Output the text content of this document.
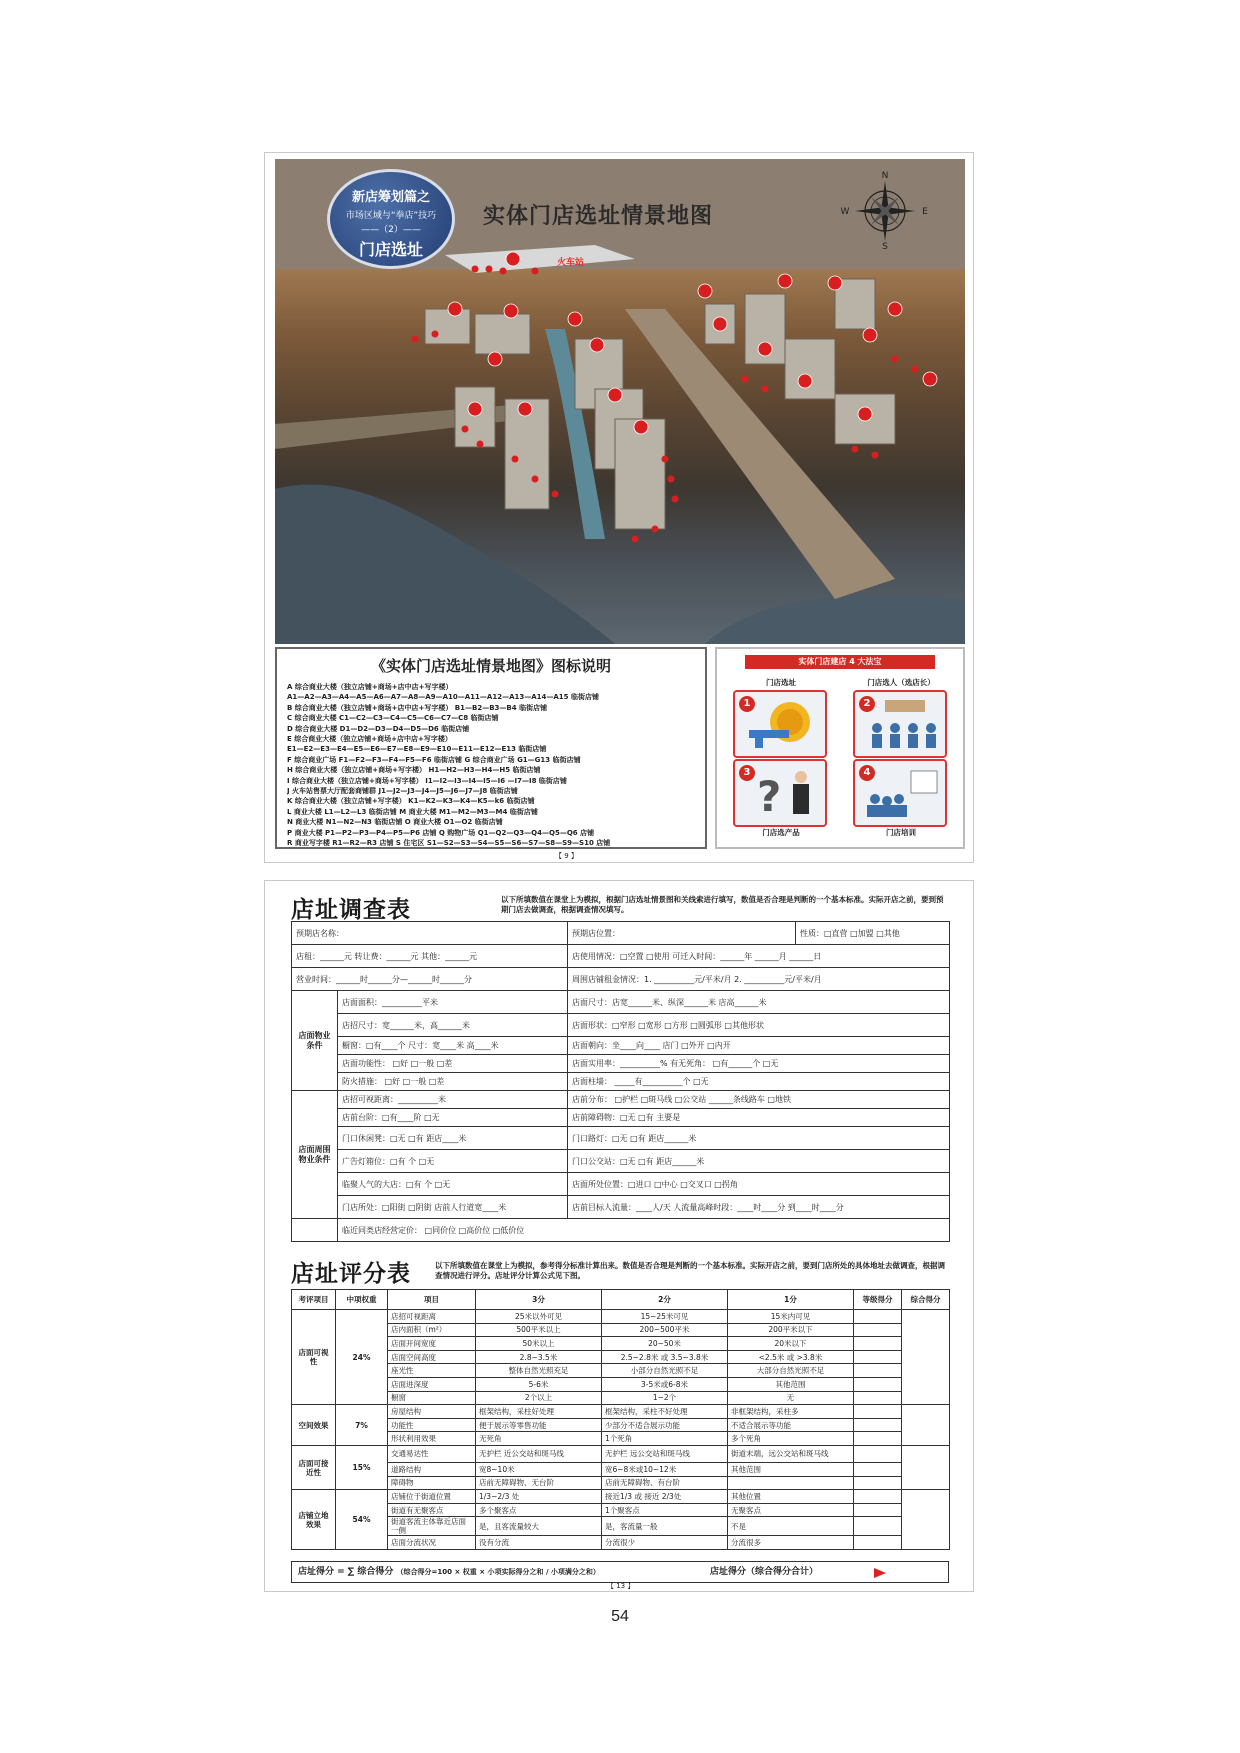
新店筹划篇之
市场区域与“拳店”技巧
——（2）——
门店选址
实体门店选址情景地图
火车站
N
S
E
W
《实体门店选址情景地图》图标说明
A 综合商业大楼（独立店铺+商场+店中店+写字楼）
A1—A2—A3—A4—A5—A6—A7—A8—A9—A10—A11—A12—A13—A14—A15 临街店铺
B 综合商业大楼（独立店铺+商场+店中店+写字楼） B1—B2—B3—B4 临街店铺
C 综合商业大楼 C1—C2—C3—C4—C5—C6—C7—C8 临街店铺
D 综合商业大楼 D1—D2—D3—D4—D5—D6 临街店铺
E 综合商业大楼（独立店铺+商场+店中店+写字楼）
E1—E2—E3—E4—E5—E6—E7—E8—E9—E10—E11—E12—E13 临街店铺
F 综合商业广场 F1—F2—F3—F4—F5—F6 临街店铺 G 综合商业广场 G1—G13 临街店铺
H 综合商业大楼（独立店铺+商场+写字楼） H1—H2—H3—H4—H5 临街店铺
I 综合商业大楼（独立店铺+商场+写字楼） I1—I2—I3—I4—I5—I6 —I7—I8 临街店铺
J 火车站售票大厅配套商铺群 J1—J2—J3—J4—J5—J6—J7—J8 临街店铺
K 综合商业大楼（独立店铺+写字楼） K1—K2—K3—K4—K5—k6 临街店铺
L 商业大楼 L1—L2—L3 临街店铺 M 商业大楼 M1—M2—M3—M4 临街店铺
N 商业大楼 N1—N2—N3 临街店铺 O 商业大楼 O1—O2 临街店铺
P 商业大楼 P1—P2—P3—P4—P5—P6 店铺 Q 购物广场 Q1—Q2—Q3—Q4—Q5—Q6 店铺
R 商业写字楼 R1—R2—R3 店铺 S 住宅区 S1—S2—S3—S4—S5—S6—S7—S8—S9—S10 店铺
【 9 】
实体门店建店 4 大法宝
门店选址
1
门店选人（选店长）
2
3 ?
门店选产品
4
门店培训
店址调查表	以下所填数值在课堂上为模拟，根据门店选址情景图和关线索进行填写，数值是否合理是判断的一个基本标准。实际开店之前，要到预期门店去做调查，根据调查情况填写。
预期店名称：		预期店位置：	性质：□直营 □加盟 □其他
店租：______元 转让费：______元 其他：______元		店使用情况：□空置 □使用 可迁入时间：______年 ______月 ______日	
营业时间：______时______分—______时______分		周围店铺租金情况：1. __________元/平米/月 2. __________元/平米/月	
店面物业条件	店面面积：__________平米	店面尺寸：店宽______米、纵深______米 店高______米	
	店招尺寸：宽______米，高______米	店面形状：□窄形 □宽形 □方形 □圆弧形 □其他形状	
	橱窗：□有____个 尺寸：宽____米 高____米	店面朝向：坐____向____ 店门 □外开 □内开	
	店面功能性： □好 □一般 □差	店面实用率：__________% 有无死角： □有______个 □无	
	防火措施： □好 □一般 □差	店面柱墙： _____有__________个 □无	
店面周围物业条件	店招可视距离：__________米	店前分布： □护栏 □斑马线 □公交站 ______条线路车 □地铁	
	店前台阶：□有____阶 □无	店前障碍物：□无 □有 主要是	
	门口休闲凳：□无 □有 距店____米	门口路灯：□无 □有 距店______米	
	广告灯箱位：□有 个 □无	门口公交站：□无 □有 距店______米	
	临聚人气的大店：□有 个 □无	店面所处位置：□进口 □中心 □交叉口 □拐角	
	门店所处：□阳街 □阴街 店前人行道宽____米	店前目标人流量：____人/天 人流量高峰时段：____时____分 到____时____分	
	临近同类店经营定价： □同价位 □高价位 □低价位		
店址评分表	以下所填数值在课堂上为模拟，参考得分标准计算出来。数值是否合理是判断的一个基本标准。实际开店之前，要到门店所处的具体地址去做调查，根据调查情况进行评分。店址评分计算公式见下图。
考评项目	中项权重	项目	3分	2分	1分	等级得分	综合得分
店面可视性	24%	店招可视距离	25米以外可见	15~25米可见	15米内可见		
		店内面积（m²）	500平米以上	200~500平米	200平米以下		
		店面开间宽度	50米以上	20~50米	20米以下		
		店面空间高度	2.8~3.5米	2.5~2.8米 或 3.5~3.8米	<2.5米 或 >3.8米		
		座光性	整体自然光照充足	小部分自然光照不足	大部分自然光照不足		
		店面进深度	5-6米	3-5米或6-8米	其他范围		
		橱窗	2个以上	1~2个	无		
空间效果	7%	房屋结构	框架结构，采柱好处理	框架结构，采柱不好处理	非框架结构，采柱多		
		功能性	便于展示等零售功能	少部分不适合展示功能	不适合展示等功能		
		形状利用效果	无死角	1个死角	多个死角		
店面可接近性	15%	交通易达性	无护栏 近公交站和斑马线	无护栏 远公交站和斑马线	街道末端，远公交站和斑马线		
		道路结构	宽8~10米	宽6~8米或10~12米	其他范围		
		障碍物	店前无障碍物、无台阶	店前无障碍物、有台阶			
店铺立地效果	54%	店铺位于街道位置	1/3~2/3 处	接近1/3 或 接近 2/3处	其他位置		
		街道有无聚客点	多个聚客点	1个聚客点	无聚客点		
		街道客流主体靠近店面一侧	是，且客流量较大	是，客流量一般	不是		
		店面分流状况	没有分流	分流很少	分流很多		
店址得分 = ∑ 综合得分 （综合得分=100 × 权重 × 小项实际得分之和 / 小项满分之和）	店址得分（综合得分合计）
【 13 】
54
